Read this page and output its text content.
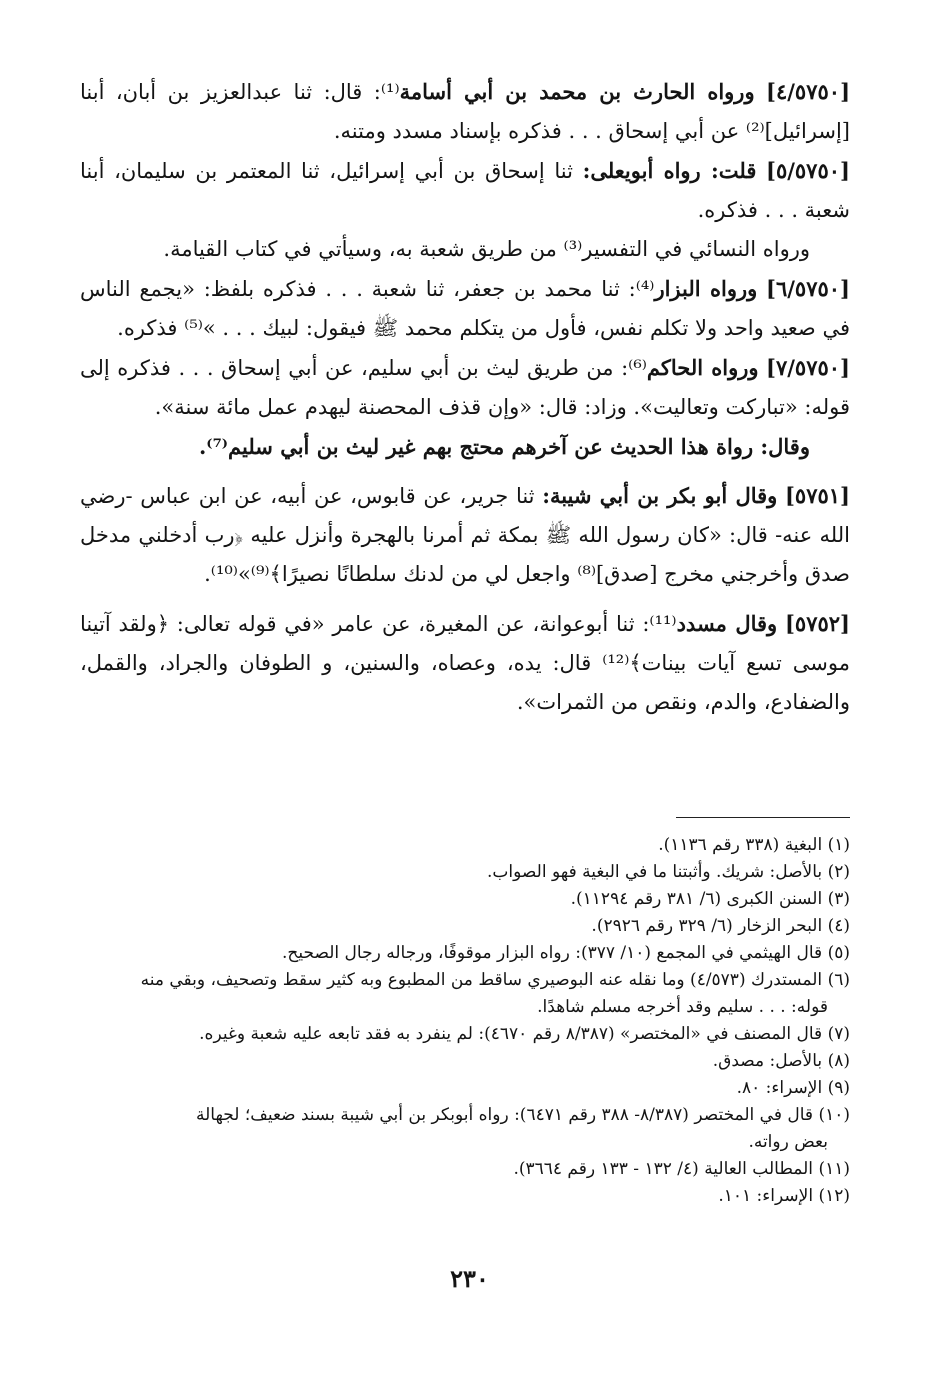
[٤/٥٧٥٠] ورواه الحارث بن محمد بن أبي أسامة⁽¹⁾: قال: ثنا عبدالعزيز بن أبان، أبنا [إسرائيل]⁽²⁾ عن أبي إسحاق . . . فذكره بإسناد مسدد ومتنه.

[٥/٥٧٥٠] قلت: رواه أبويعلى: ثنا إسحاق بن أبي إسرائيل، ثنا المعتمر بن سليمان، أبنا شعبة . . . فذكره.

ورواه النسائي في التفسير⁽³⁾ من طريق شعبة به، وسيأتي في كتاب القيامة.

[٦/٥٧٥٠] ورواه البزار⁽⁴⁾: ثنا محمد بن جعفر، ثنا شعبة . . . فذكره بلفظ: «يجمع الناس في صعيد واحد ولا تكلم نفس، فأول من يتكلم محمد ﷺ فيقول: لبيك . . . »⁽⁵⁾ فذكره.

[٧/٥٧٥٠] ورواه الحاكم⁽⁶⁾: من طريق ليث بن أبي سليم، عن أبي إسحاق . . . فذكره إلى قوله: «تباركت وتعاليت». وزاد: قال: «وإن قذف المحصنة ليهدم عمل مائة سنة».

وقال: رواة هذا الحديث عن آخرهم محتج بهم غير ليث بن أبي سليم⁽⁷⁾.

[٥٧٥١] وقال أبو بكر بن أبي شيبة: ثنا جرير، عن قابوس، عن أبيه، عن ابن عباس -رضي الله عنه- قال: «كان رسول الله ﷺ بمكة ثم أمرنا بالهجرة وأنزل عليه ﴿رب أدخلني مدخل صدق وأخرجني مخرج [صدق]⁽⁸⁾ واجعل لي من لدنك سلطانًا نصيرًا﴾⁽⁹⁾»⁽¹⁰⁾.

[٥٧٥٢] وقال مسدد⁽¹¹⁾: ثنا أبوعوانة، عن المغيرة، عن عامر «في قوله تعالى: ﴿ولقد آتينا موسى تسع آيات بينات﴾⁽¹²⁾ قال: يده، وعصاه، والسنين، و الطوفان والجراد، والقمل، والضفادع، والدم، ونقص من الثمرات».

(١) البغية (٣٣٨ رقم ١١٣٦).
(٢) بالأصل: شريك. وأثبتنا ما في البغية فهو الصواب.
(٣) السنن الكبرى (٦/ ٣٨١ رقم ١١٢٩٤).
(٤) البحر الزخار (٦/ ٣٢٩ رقم ٢٩٢٦).
(٥) قال الهيثمي في المجمع (١٠/ ٣٧٧): رواه البزار موقوفًا، ورجاله رجال الصحيح.
(٦) المستدرك (٤/٥٧٣) وما نقله عنه البوصيري ساقط من المطبوع وبه كثير سقط وتصحيف، وبقي منه
قوله: . . . سليم وقد أخرجه مسلم شاهدًا.
(٧) قال المصنف في «المختصر» (٨/٣٨٧ رقم ٤٦٧٠): لم ينفرد به فقد تابعه عليه شعبة وغيره.
(٨) بالأصل: مصدق.
(٩) الإسراء: ٨٠.
(١٠) قال في المختصر (٨/٣٨٧- ٣٨٨ رقم ٦٤٧١): رواه أبوبكر بن أبي شيبة بسند ضعيف؛ لجهالة
بعض رواته.
(١١) المطالب العالية (٤/ ١٣٢ - ١٣٣ رقم ٣٦٦٤).
(١٢) الإسراء: ١٠١.
٢٣٠
